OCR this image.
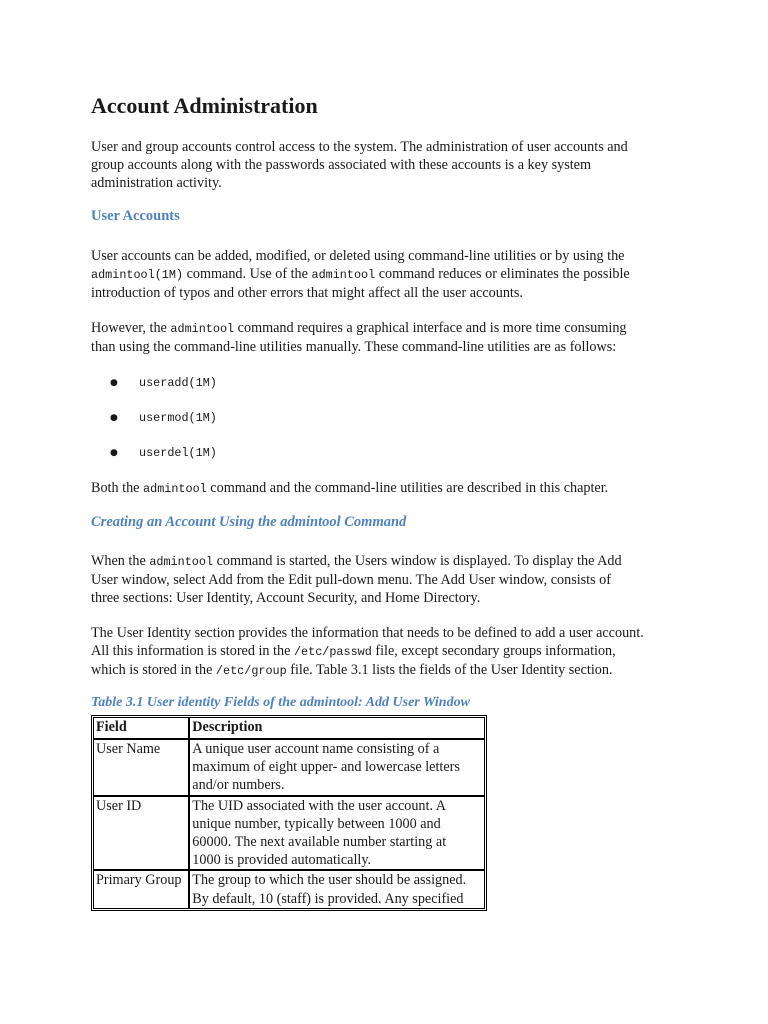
Account Administration

User and group accounts control access to the system. The administration of user accounts and
group accounts along with the passwords associated with these accounts is a key system
administration activity.

User Accounts

User accounts can be added, modified, or deleted using command-line utilities or by using the
admintool(1M) command. Use of the admintool command reduces or eliminates the possible
introduction of typos and other errors that might affect all the user accounts.

However, the admintool command requires a graphical interface and is more time consuming
than using the command-line utilities manually. These command-line utilities are as follows:

● useradd(1M)
● usermod(1M)
● userdel(1M)

Both the admintool command and the command-line utilities are described in this chapter.

Creating an Account Using the admintool Command

When the admintool command is started, the Users window is displayed. To display the Add
User window, select Add from the Edit pull-down menu. The Add User window, consists of
three sections: User Identity, Account Security, and Home Directory.

The User Identity section provides the information that needs to be defined to add a user account.
All this information is stored in the /etc/passwd file, except secondary groups information,
which is stored in the /etc/group file. Table 3.1 lists the fields of the User Identity section.

Table 3.1 User identity Fields of the admintool: Add User Window

Field	Description
User Name	A unique user account name consisting of a
maximum of eight upper- and lowercase letters
and/or numbers.

User ID	The UID associated with the user account. A
unique number, typically between 1000 and
60000. The next available number starting at
1000 is provided automatically.

Primary Group	The group to which the user should be assigned.
By default, 10 (staff) is provided. Any specified
